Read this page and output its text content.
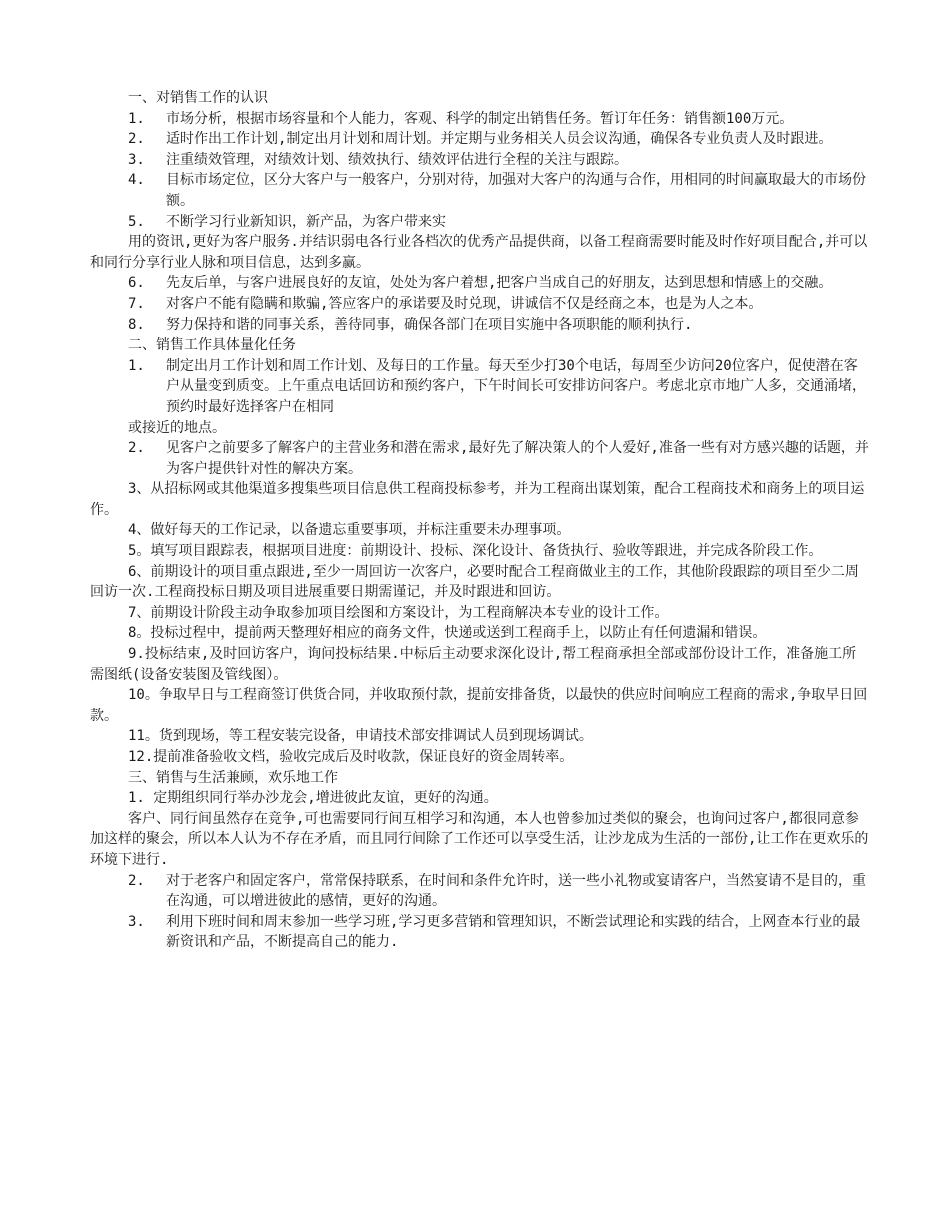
一、对销售工作的认识
1. 市场分析，根据市场容量和个人能力，客观、科学的制定出销售任务。暂订年任务：销售额100万元。
2. 适时作出工作计划,制定出月计划和周计划。并定期与业务相关人员会议沟通，确保各专业负责人及时跟进。
3. 注重绩效管理，对绩效计划、绩效执行、绩效评估进行全程的关注与跟踪。
4. 目标市场定位，区分大客户与一般客户，分别对待，加强对大客户的沟通与合作，用相同的时间赢取最大的市场份额。
5. 不断学习行业新知识，新产品，为客户带来实
用的资讯,更好为客户服务.并结识弱电各行业各档次的优秀产品提供商，以备工程商需要时能及时作好项目配合,并可以和同行分享行业人脉和项目信息，达到多赢。
6. 先友后单，与客户进展良好的友谊，处处为客户着想,把客户当成自己的好朋友，达到思想和情感上的交融。
7. 对客户不能有隐瞒和欺骗,答应客户的承诺要及时兑现，讲诚信不仅是经商之本，也是为人之本。
8. 努力保持和谐的同事关系，善待同事，确保各部门在项目实施中各项职能的顺利执行.
二、销售工作具体量化任务
1. 制定出月工作计划和周工作计划、及每日的工作量。每天至少打30个电话，每周至少访问20位客户，促使潜在客户从量变到质变。上午重点电话回访和预约客户，下午时间长可安排访问客户。考虑北京市地广人多，交通涌堵，预约时最好选择客户在相同
或接近的地点。
2. 见客户之前要多了解客户的主营业务和潜在需求,最好先了解决策人的个人爱好,准备一些有对方感兴趣的话题，并为客户提供针对性的解决方案。
3、从招标网或其他渠道多搜集些项目信息供工程商投标参考，并为工程商出谋划策，配合工程商技术和商务上的项目运作。
4、做好每天的工作记录，以备遗忘重要事项，并标注重要未办理事项。
5。填写项目跟踪表，根据项目进度：前期设计、投标、深化设计、备货执行、验收等跟进，并完成各阶段工作。
6、前期设计的项目重点跟进,至少一周回访一次客户，必要时配合工程商做业主的工作，其他阶段跟踪的项目至少二周回访一次.工程商投标日期及项目进展重要日期需谨记，并及时跟进和回访。
7、前期设计阶段主动争取参加项目绘图和方案设计，为工程商解决本专业的设计工作。
8。投标过程中，提前两天整理好相应的商务文件，快递或送到工程商手上，以防止有任何遗漏和错误。
9.投标结束,及时回访客户，询问投标结果.中标后主动要求深化设计,帮工程商承担全部或部份设计工作，准备施工所需图纸(设备安装图及管线图）。
10。争取早日与工程商签订供货合同，并收取预付款，提前安排备货，以最快的供应时间响应工程商的需求,争取早日回款。
11。货到现场，等工程安装完设备，申请技术部安排调试人员到现场调试。
12.提前准备验收文档，验收完成后及时收款，保证良好的资金周转率。
三、销售与生活兼顾，欢乐地工作
1. 定期组织同行举办沙龙会,增进彼此友谊，更好的沟通。
客户、同行间虽然存在竞争,可也需要同行间互相学习和沟通，本人也曾参加过类似的聚会，也询问过客户,都很同意参加这样的聚会，所以本人认为不存在矛盾，而且同行间除了工作还可以享受生活，让沙龙成为生活的一部份,让工作在更欢乐的环境下进行.
2. 对于老客户和固定客户，常常保持联系，在时间和条件允许时，送一些小礼物或宴请客户，当然宴请不是目的，重在沟通，可以增进彼此的感情，更好的沟通。
3. 利用下班时间和周末参加一些学习班,学习更多营销和管理知识，不断尝试理论和实践的结合，上网查本行业的最新资讯和产品，不断提高自己的能力.
